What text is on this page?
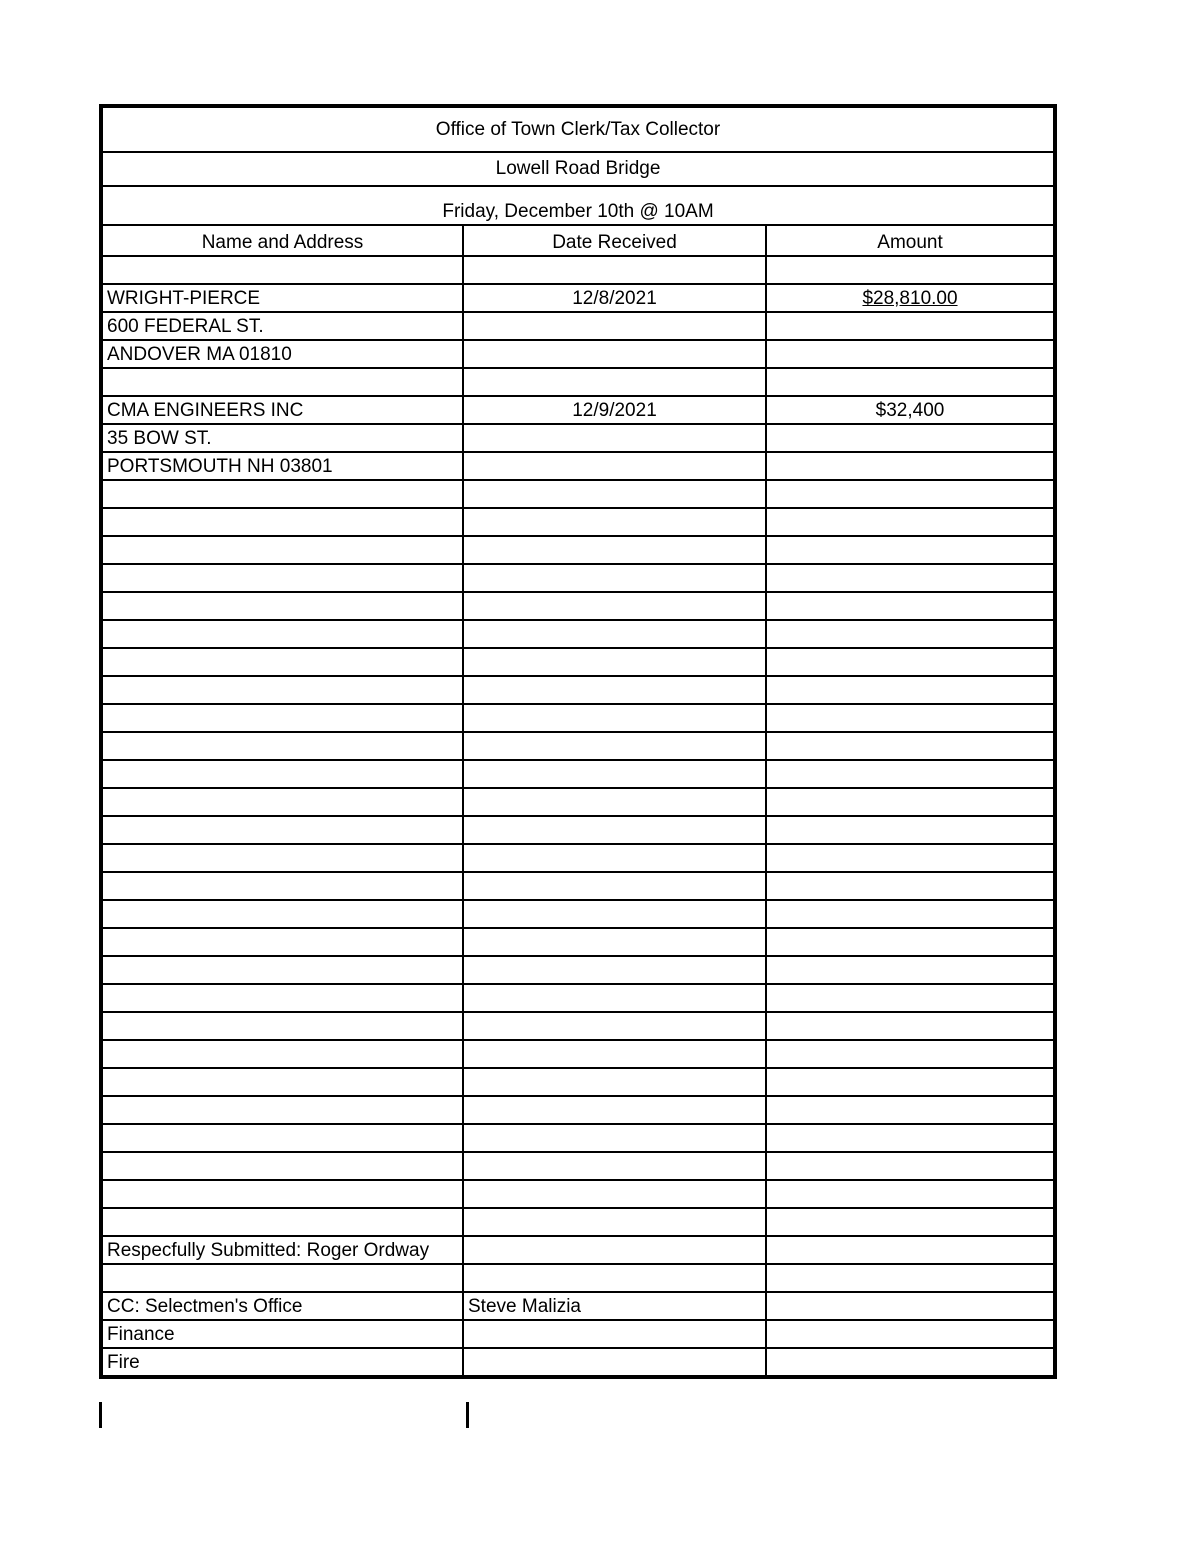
Office of Town Clerk/Tax Collector		
Lowell Road Bridge		
Friday, December 10th @ 10AM		
Name and Address	Date Received	Amount

WRIGHT-PIERCE	12/8/2021	$28,810.00
600 FEDERAL ST.		
ANDOVER MA 01810		

CMA ENGINEERS INC	12/9/2021	$32,400
35 BOW ST.		
PORTSMOUTH NH 03801		

Respecfully Submitted: Roger Ordway		

CC: Selectmen's Office	Steve Malizia	
Finance		
Fire		
